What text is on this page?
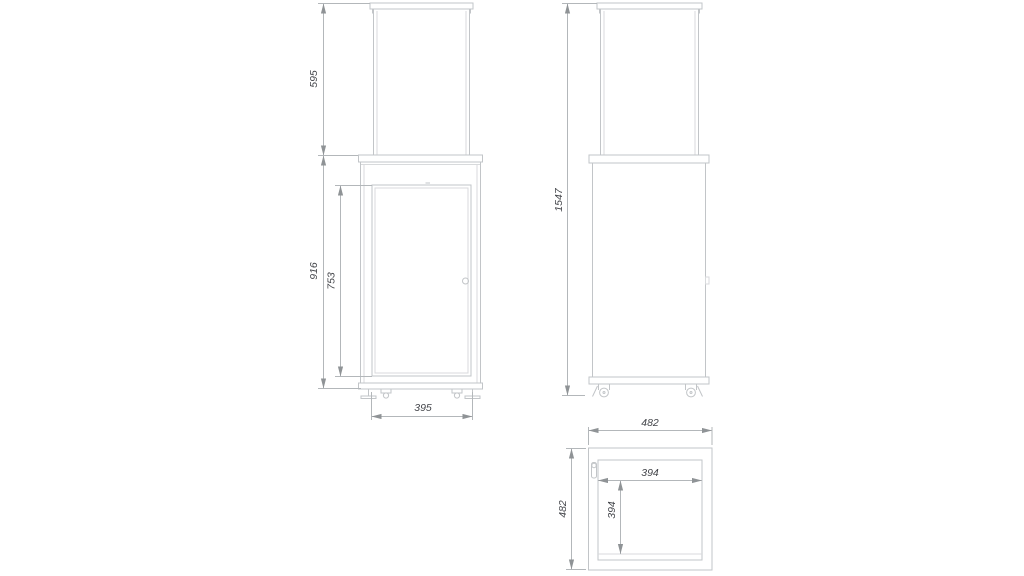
595
916
753
395
1547
482
482
394
394
